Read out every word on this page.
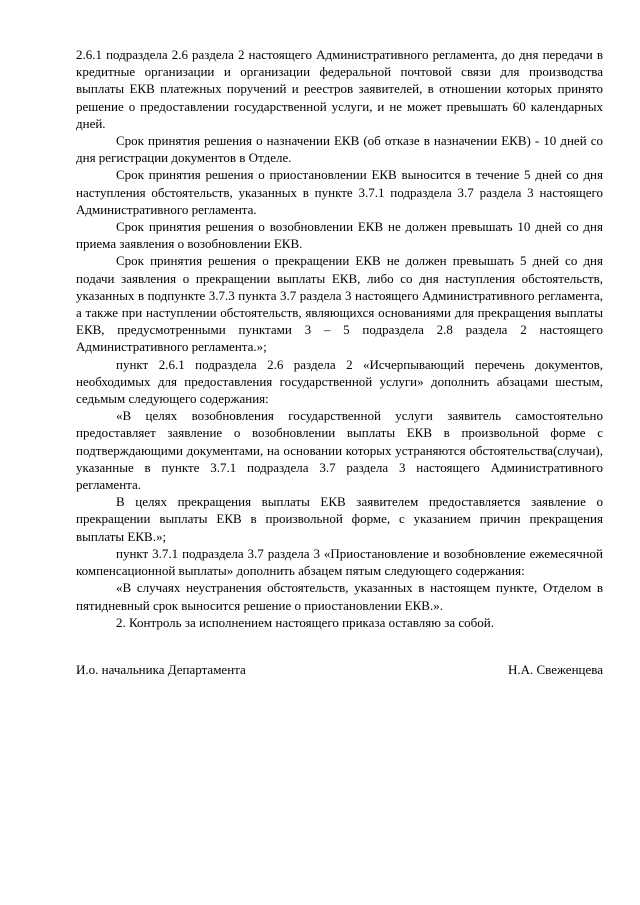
2.6.1 подраздела 2.6 раздела 2 настоящего Административного регламента, до дня передачи в кредитные организации и организации федеральной почтовой связи для производства выплаты ЕКВ платежных поручений и реестров заявителей, в отношении которых принято решение о предоставлении государственной услуги, и не может превышать 60 календарных дней.

Срок принятия решения о назначении ЕКВ (об отказе в назначении ЕКВ) - 10 дней со дня регистрации документов в Отделе.

Срок принятия решения о приостановлении ЕКВ выносится в течение 5 дней со дня наступления обстоятельств, указанных в пункте 3.7.1 подраздела 3.7 раздела 3 настоящего Административного регламента.

Срок принятия решения о возобновлении ЕКВ не должен превышать 10 дней со дня приема заявления о возобновлении ЕКВ.

Срок принятия решения о прекращении ЕКВ не должен превышать 5 дней со дня подачи заявления о прекращении выплаты ЕКВ, либо со дня наступления обстоятельств, указанных в подпункте 3.7.3 пункта 3.7 раздела 3 настоящего Административного регламента, а также при наступлении обстоятельств, являющихся основаниями для прекращения выплаты ЕКВ, предусмотренными пунктами 3 – 5 подраздела 2.8 раздела 2 настоящего Административного регламента.»;

пункт 2.6.1 подраздела 2.6 раздела 2 «Исчерпывающий перечень документов, необходимых для предоставления государственной услуги» дополнить абзацами шестым, седьмым следующего содержания:

«В целях возобновления государственной услуги заявитель самостоятельно предоставляет заявление о возобновлении выплаты ЕКВ в произвольной форме с подтверждающими документами, на основании которых устраняются обстоятельства(случаи), указанные в пункте 3.7.1 подраздела 3.7 раздела 3 настоящего Административного регламента.

В целях прекращения выплаты ЕКВ заявителем предоставляется заявление о прекращении выплаты ЕКВ в произвольной форме, с указанием причин прекращения выплаты ЕКВ.»;

пункт 3.7.1 подраздела 3.7 раздела 3 «Приостановление и возобновление ежемесячной компенсационной выплаты» дополнить абзацем пятым следующего содержания:

«В случаях неустранения обстоятельств, указанных в настоящем пункте, Отделом в пятидневный срок выносится решение о приостановлении ЕКВ.».

2. Контроль за исполнением настоящего приказа оставляю за собой.

И.о. начальника Департамента	Н.А. Свеженцева
